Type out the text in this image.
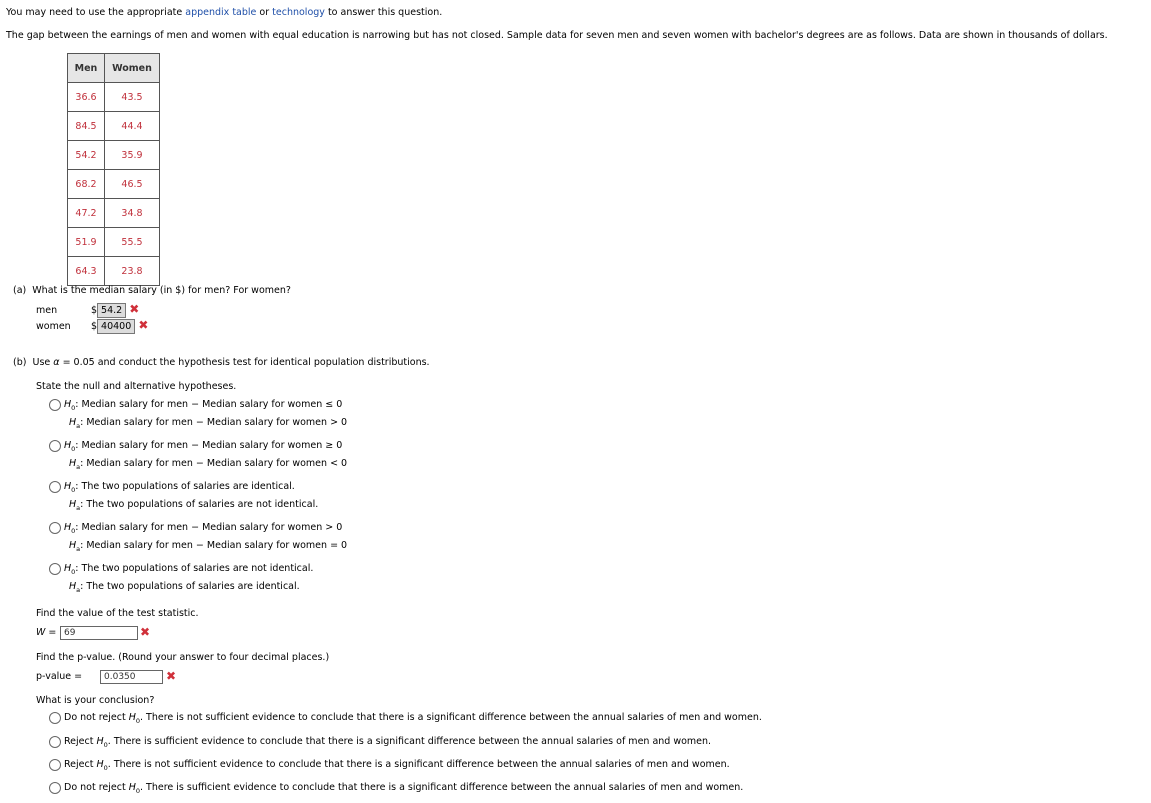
You may need to use the appropriate appendix table or technology to answer this question.
The gap between the earnings of men and women with equal education is narrowing but has not closed. Sample data for seven men and seven women with bachelor's degrees are as follows. Data are shown in thousands of dollars.
Men	Women
36.6	43.5
84.5	44.4
54.2	35.9
68.2	46.5
47.2	34.8
51.9	55.5
64.3	23.8
(a) What is the median salary (in $) for men? For women?
men	$ 54.2 ✖
women $ 40400 ✖
(b) Use α = 0.05 and conduct the hypothesis test for identical population distributions.
State the null and alternative hypotheses.
$H_0$: Median salary for men − Median salary for women ≤ 0
$H_a$: Median salary for men − Median salary for women > 0
$H_0$: Median salary for men − Median salary for women ≥ 0
$H_a$: Median salary for men − Median salary for women < 0
$H_0$: The two populations of salaries are identical.
$H_a$: The two populations of salaries are not identical.
$H_0$: Median salary for men − Median salary for women > 0
$H_a$: Median salary for men − Median salary for women = 0
$H_0$: The two populations of salaries are not identical.
$H_a$: The two populations of salaries are identical.
Find the value of the test statistic.
W = 69	✖
Find the p-value. (Round your answer to four decimal places.)
p-value =	0.0350	✖
What is your conclusion?
Do not reject $H_0$. There is not sufficient evidence to conclude that there is a significant difference between the annual salaries of men and women.
Reject $H_0$. There is sufficient evidence to conclude that there is a significant difference between the annual salaries of men and women.
Reject $H_0$. There is not sufficient evidence to conclude that there is a significant difference between the annual salaries of men and women.
Do not reject $H_0$. There is sufficient evidence to conclude that there is a significant difference between the annual salaries of men and women.
